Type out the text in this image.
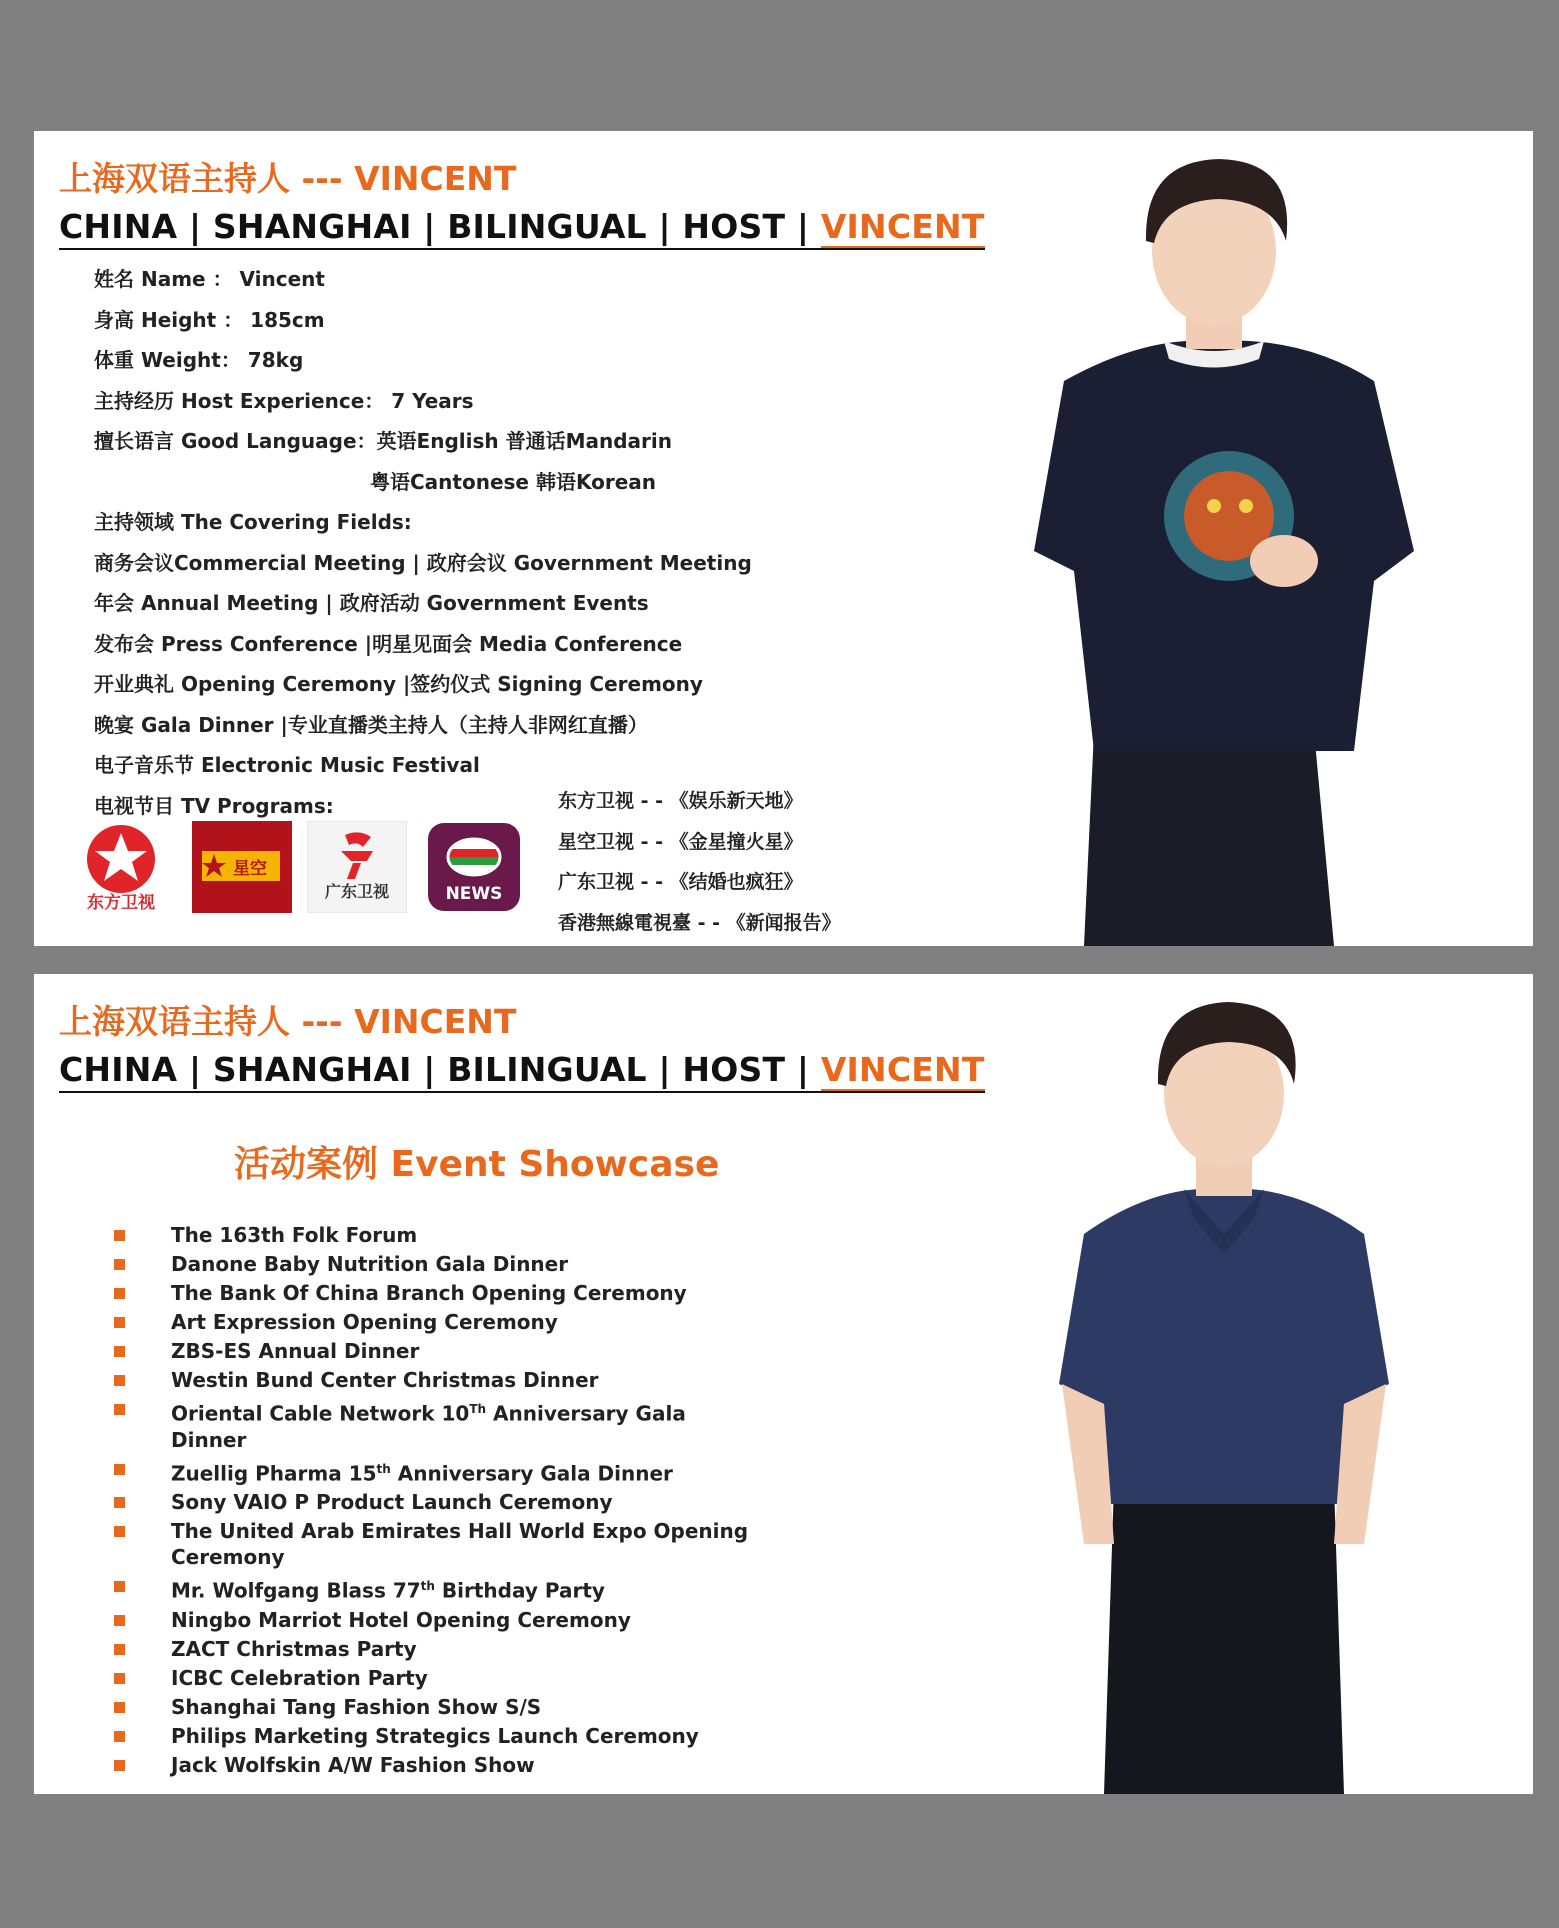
上海双语主持人 --- VINCENT
CHINA | SHANGHAI | BILINGUAL | HOST | VINCENT
姓名 Name ： Vincent
身高 Height ： 185cm
体重 Weight： 78kg
主持经历 Host Experience： 7 Years
擅长语言 Good Language：英语English 普通话Mandarin
粤语Cantonese 韩语Korean
主持领域 The Covering Fields:
商务会议Commercial Meeting | 政府会议 Government Meeting
年会 Annual Meeting | 政府活动 Government Events
发布会 Press Conference |明星见面会 Media Conference
开业典礼 Opening Ceremony |签约仪式 Signing Ceremony
晚宴 Gala Dinner |专业直播类主持人（主持人非网红直播）
电子音乐节 Electronic Music Festival
电视节目 TV Programs:	东方卫视 - - 《娱乐新天地》
星空卫视 - - 《金星撞火星》
广东卫视 - - 《结婚也疯狂》
香港無線電視臺 - - 《新闻报告》
东方卫视
星空
广东卫视	NEWS
上海双语主持人 --- VINCENT
CHINA | SHANGHAI | BILINGUAL | HOST | VINCENT
活动案例 Event Showcase
The 163th Folk Forum
Danone Baby Nutrition Gala Dinner
The Bank Of China Branch Opening Ceremony
Art Expression Opening Ceremony
ZBS-ES Annual Dinner
Westin Bund Center Christmas Dinner
Oriental Cable Network 10Th Anniversary Gala Dinner
Zuellig Pharma 15th Anniversary Gala Dinner
Sony VAIO P Product Launch Ceremony
The United Arab Emirates Hall World Expo Opening Ceremony
Mr. Wolfgang Blass 77th Birthday Party
Ningbo Marriot Hotel Opening Ceremony
ZACT Christmas Party
ICBC Celebration Party
Shanghai Tang Fashion Show S/S
Philips Marketing Strategics Launch Ceremony
Jack Wolfskin A/W Fashion Show
